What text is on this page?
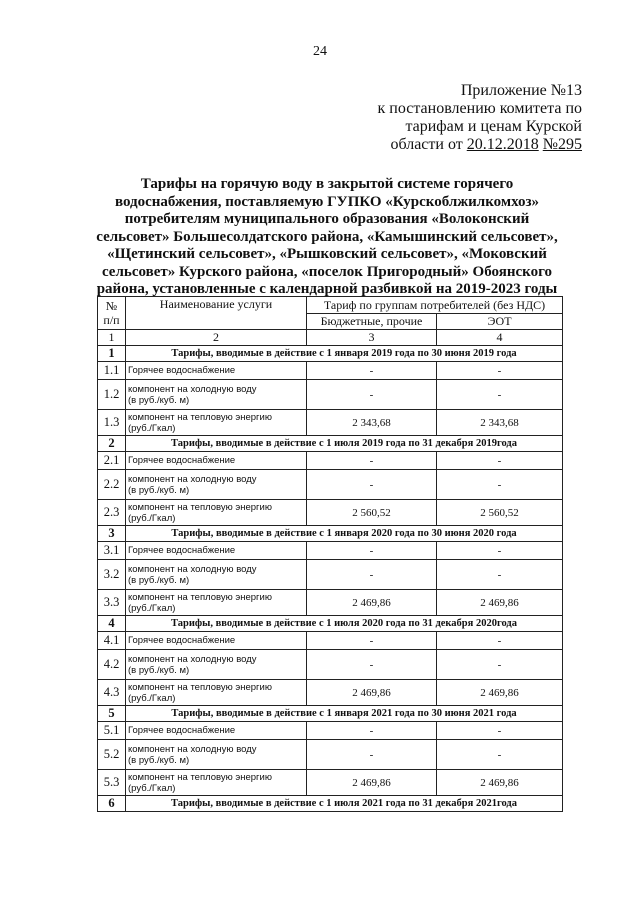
24
Приложение №13
к постановлению комитета по
тарифам и ценам Курской
области от 20.12.2018 №295
Тарифы на горячую воду в закрытой системе горячего
водоснабжения, поставляемую ГУПКО «Курскоблжилкомхоз»
потребителям муниципального образования «Волоконский
сельсовет» Большесолдатского района, «Камышинский сельсовет»,
«Щетинский сельсовет», «Рышковский сельсовет», «Моковский
сельсовет» Курского района, «поселок Пригородный» Обоянского
района, установленные с календарной разбивкой на 2019-2023 годы
№
п/п	Наименование услуги	Тариф по группам потребителей (без НДС)	
		Бюджетные, прочие	ЭОТ
1	2	3	4
1	Тарифы, вводимые в действие с 1 января 2019 года по 30 июня 2019 года		
1.1	Горячее водоснабжение	-	-
1.2	компонент на холодную воду
(в руб./куб. м)	-	-
1.3	компонент на тепловую энергию
(руб./Гкал)	2 343,68	2 343,68
2	Тарифы, вводимые в действие с 1 июля 2019 года по 31 декабря 2019года		
2.1	Горячее водоснабжение	-	-
2.2	компонент на холодную воду
(в руб./куб. м)	-	-
2.3	компонент на тепловую энергию
(руб./Гкал)	2 560,52	2 560,52
3	Тарифы, вводимые в действие с 1 января 2020 года по 30 июня 2020 года		
3.1	Горячее водоснабжение	-	-
3.2	компонент на холодную воду
(в руб./куб. м)	-	-
3.3	компонент на тепловую энергию
(руб./Гкал)	2 469,86	2 469,86
4	Тарифы, вводимые в действие с 1 июля 2020 года по 31 декабря 2020года		
4.1	Горячее водоснабжение	-	-
4.2	компонент на холодную воду
(в руб./куб. м)	-	-
4.3	компонент на тепловую энергию
(руб./Гкал)	2 469,86	2 469,86
5	Тарифы, вводимые в действие с 1 января 2021 года по 30 июня 2021 года		
5.1	Горячее водоснабжение	-	-
5.2	компонент на холодную воду
(в руб./куб. м)	-	-
5.3	компонент на тепловую энергию
(руб./Гкал)	2 469,86	2 469,86
6	Тарифы, вводимые в действие с 1 июля 2021 года по 31 декабря 2021года		
